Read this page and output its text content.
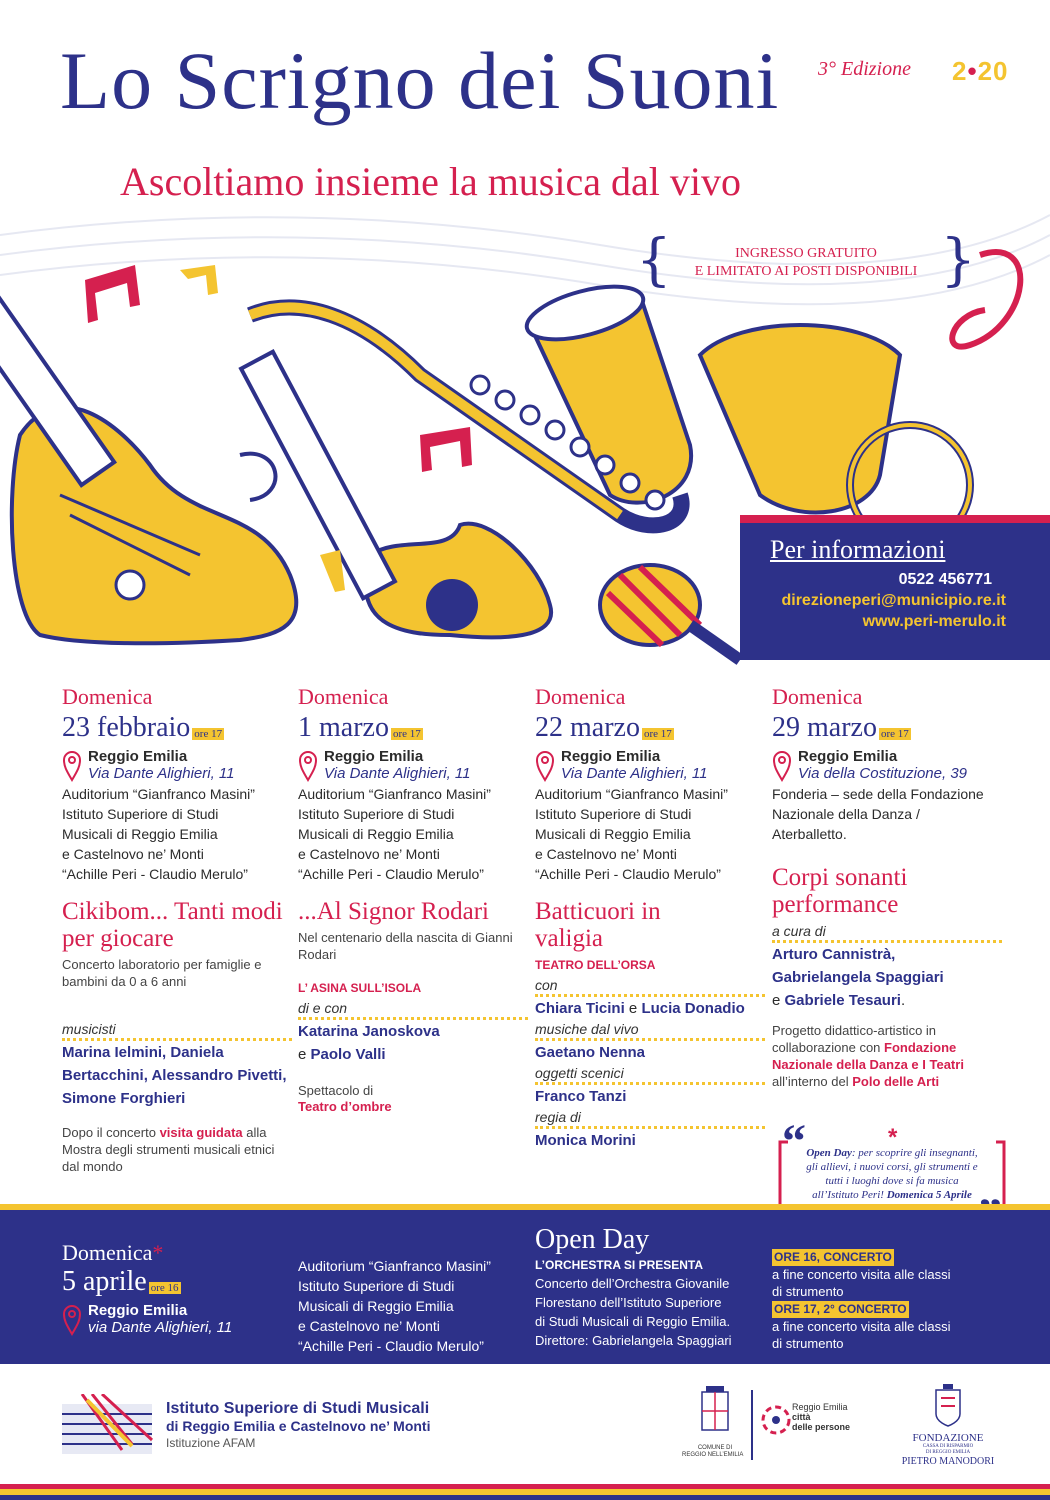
Lo Scrigno dei Suoni 3° Edizione 2•20
Ascoltiamo insieme la musica dal vivo
{	INGRESSO GRATUITO
E LIMITATO AI POSTI DISPONIBILI }
Per informazioni
0522 456771
direzioneperi@municipio.re.it
www.peri-merulo.it
Domenica
23 febbraio ore 17
Reggio Emilia
Via Dante Alighieri, 11
Auditorium “Gianfranco Masini”
Istituto Superiore di Studi
Musicali di Reggio Emilia
e Castelnovo ne’ Monti
“Achille Peri - Claudio Merulo”
Cikibom... Tanti modi per giocare
Concerto laboratorio per famiglie e bambini da 0 a 6 anni
musicisti
Marina Ielmini, Daniela Bertacchini, Alessandro Pivetti, Simone Forghieri
Dopo il concerto visita guidata alla Mostra degli strumenti musicali etnici dal mondo
Domenica
1 marzo ore 17
Reggio Emilia
Via Dante Alighieri, 11
Auditorium “Gianfranco Masini”
Istituto Superiore di Studi
Musicali di Reggio Emilia
e Castelnovo ne’ Monti
“Achille Peri - Claudio Merulo”
...Al Signor Rodari
Nel centenario della nascita di Gianni Rodari
L’ ASINA SULL’ISOLA
di e con
Katarina Janoskova
e Paolo Valli
Spettacolo di
Teatro d’ombre
Domenica
22 marzo ore 17
Reggio Emilia
Via Dante Alighieri, 11
Auditorium “Gianfranco Masini”
Istituto Superiore di Studi
Musicali di Reggio Emilia
e Castelnovo ne’ Monti
“Achille Peri - Claudio Merulo”
Batticuori in valigia
TEATRO DELL’ORSA
con
Chiara Ticini e Lucia Donadio
musiche dal vivo
Gaetano Nenna
oggetti scenici
Franco Tanzi
regia di
Monica Morini
Domenica
29 marzo ore 17
Reggio Emilia
Via della Costituzione, 39
Fonderia – sede della Fondazione
Nazionale della Danza /
Aterballetto.
Corpi sonanti performance
a cura di
Arturo Cannistrà,
Gabrielangela Spaggiari
e Gabriele Tesauri.
Progetto didattico-artistico in collaborazione con Fondazione Nazionale della Danza e I Teatri all’interno del Polo delle Arti
“	*
Open Day: per scoprire gli insegnanti, gli allievi, i nuovi corsi, gli strumenti e tutti i luoghi dove si fa musica all’Istituto Peri! Domenica 5 Aprile
Domenica*
5 aprile ore 16
Reggio Emilia
via Dante Alighieri, 11
Auditorium “Gianfranco Masini”
Istituto Superiore di Studi
Musicali di Reggio Emilia
e Castelnovo ne’ Monti
“Achille Peri - Claudio Merulo”
Open Day
L’ORCHESTRA SI PRESENTA
Concerto dell’Orchestra Giovanile
Florestano dell’Istituto Superiore
di Studi Musicali di Reggio Emilia.
Direttore: Gabrielangela Spaggiari
ORE 16, CONCERTO
a fine concerto visita alle classi
di strumento
ORE 17, 2° CONCERTO
a fine concerto visita alle classi
di strumento
Istituto Superiore di Studi Musicali
di Reggio Emilia e Castelnovo ne’ Monti
Istituzione AFAM	COMUNE DI
REGGIO NELL’EMILIA
Reggio Emilia
città
delle persone
FONDAZIONE
CASSA DI RISPARMIO
DI REGGIO EMILIA
PIETRO MANODORI
